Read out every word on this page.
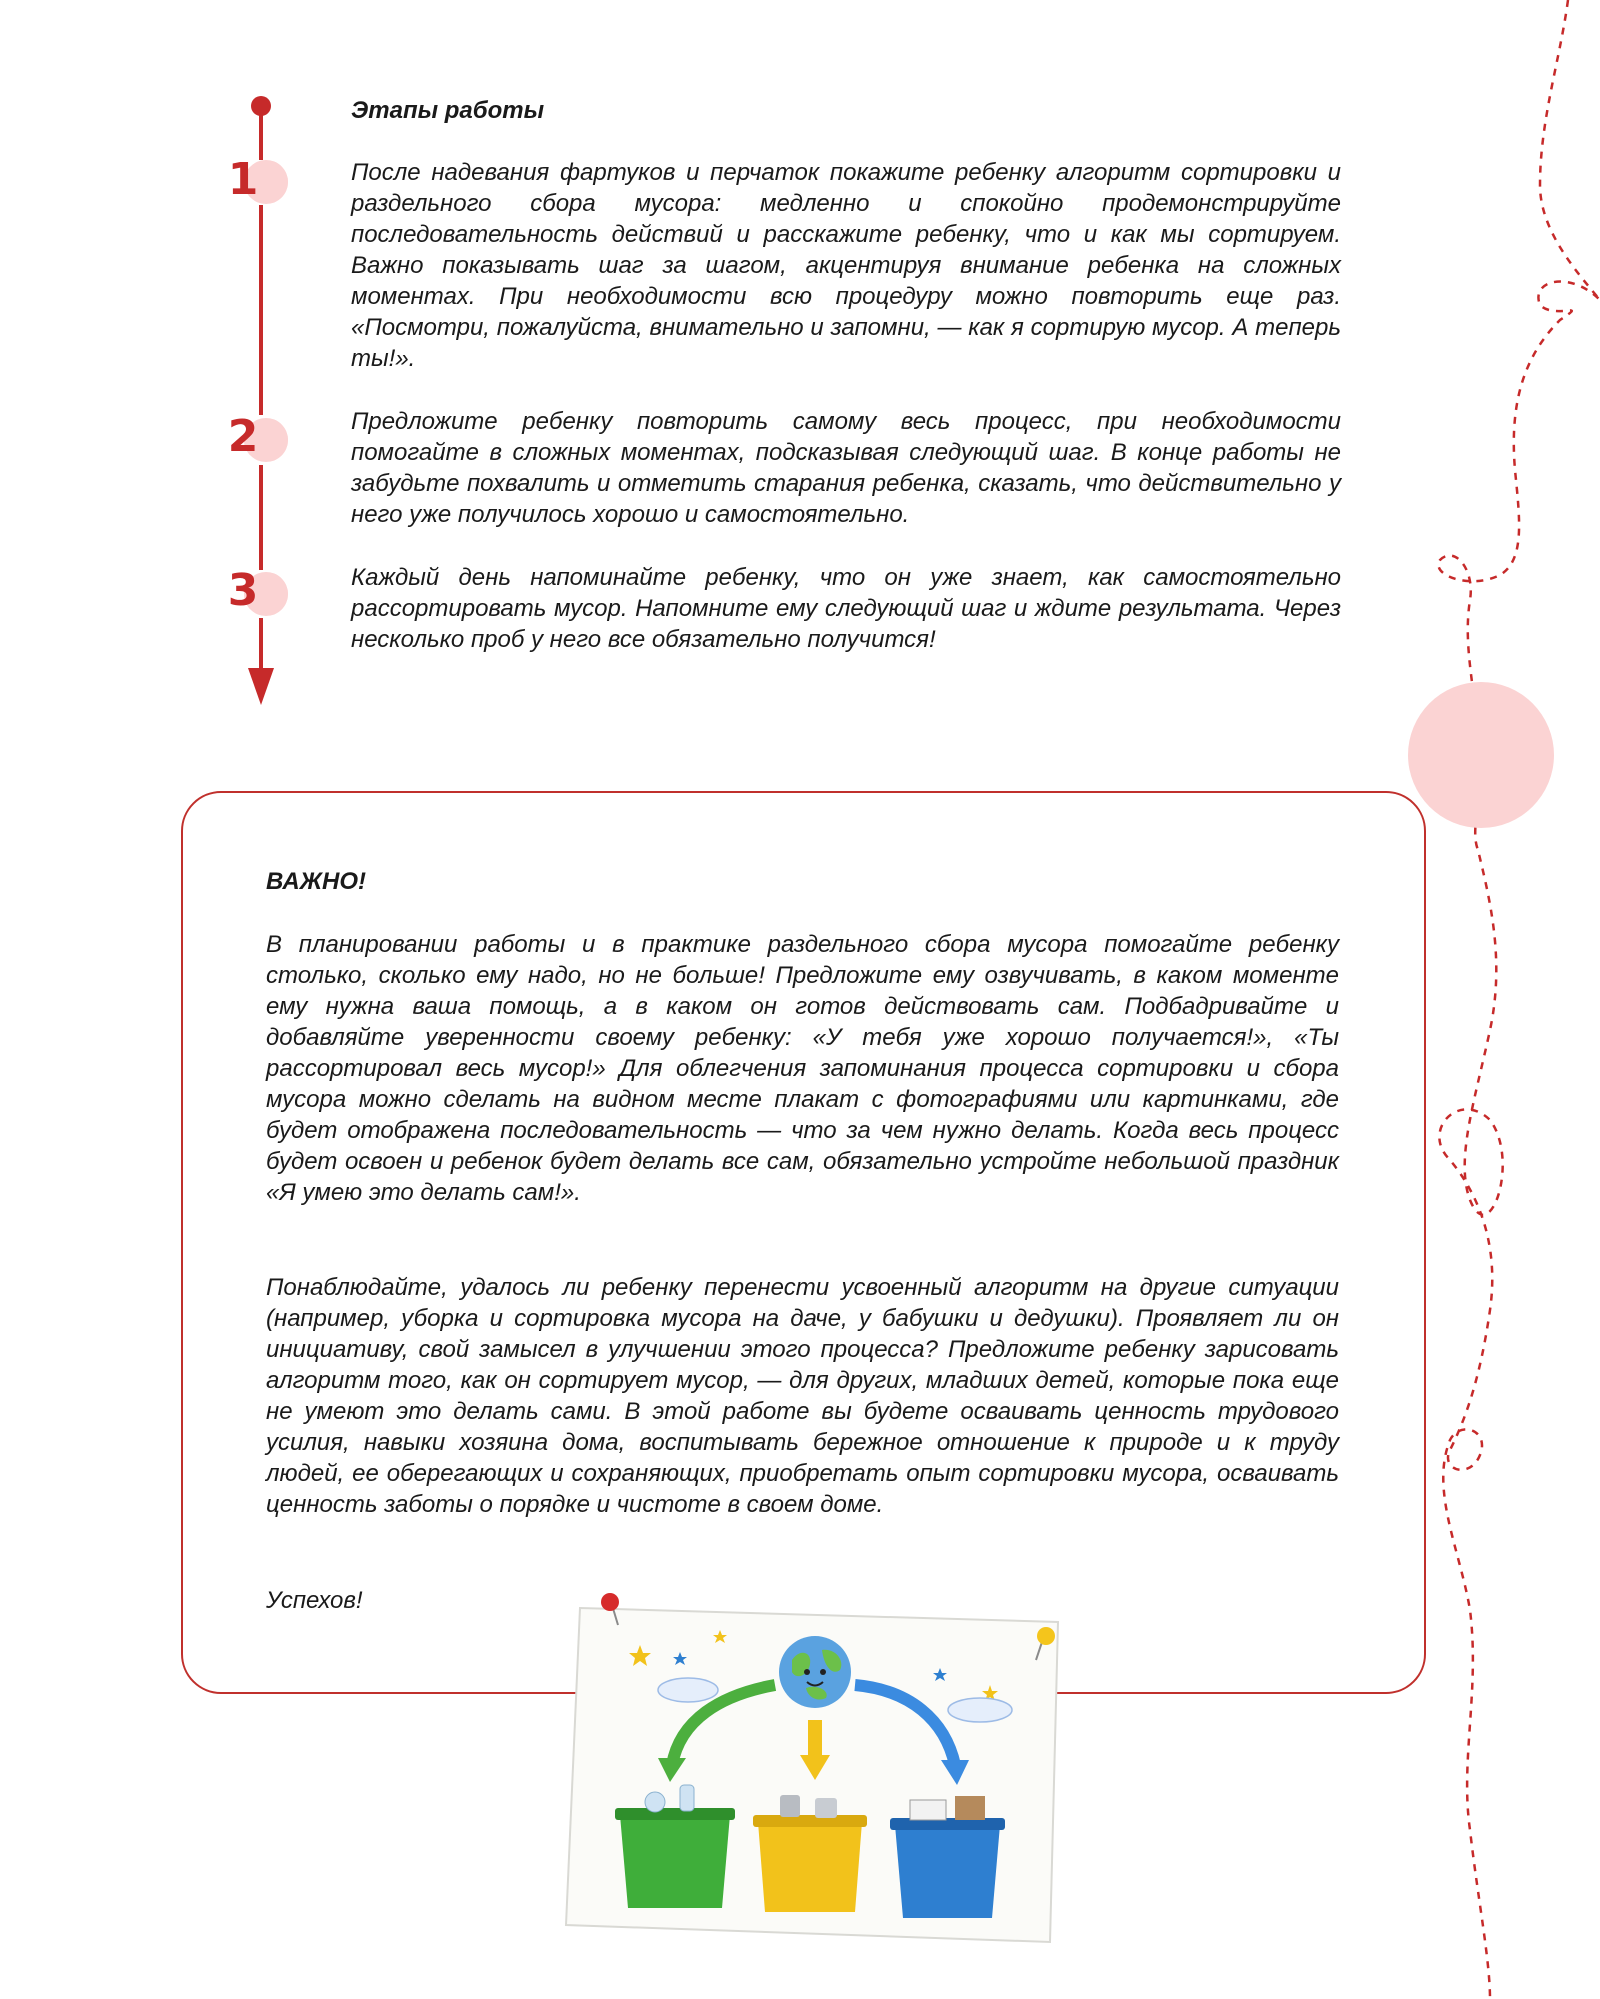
1
2
3

Этапы работы

После надевания фартуков и перчаток покажите ребенку алгоритм сортировки и раздельного сбора мусора: медленно и спокойно продемонстрируйте последовательность действий и расскажите ребенку, что и как мы сортируем. Важно показывать шаг за шагом, акцентируя внимание ребенка на сложных моментах. При необходимости всю процедуру можно повторить еще раз. «Посмотри, пожалуйста, внимательно и запомни, — как я сортирую мусор. А теперь ты!».

Предложите ребенку повторить самому весь процесс, при необходимости помогайте в сложных моментах, подсказывая следующий шаг. В конце работы не забудьте похвалить и отметить старания ребенка, сказать, что действительно у него уже получилось хорошо и самостоятельно.

Каждый день напоминайте ребенку, что он уже знает, как самостоятельно рассортировать мусор. Напомните ему следующий шаг и ждите результата. Через несколько проб у него все обязательно получится!

ВАЖНО!

В планировании работы и в практике раздельного сбора мусора помогайте ребенку столько, сколько ему надо, но не больше! Предложите ему озвучивать, в каком моменте ему нужна ваша помощь, а в каком он готов действовать сам. Подбадривайте и добавляйте уверенности своему ребенку: «У тебя уже хорошо получается!», «Ты рассортировал весь мусор!» Для облегчения запоминания процесса сортировки и сбора мусора можно сделать на видном месте плакат с фотографиями или картинками, где будет отображена последовательность — что за чем нужно делать. Когда весь процесс будет освоен и ребенок будет делать все сам, обязательно устройте небольшой праздник «Я умею это делать сам!».

Понаблюдайте, удалось ли ребенку перенести усвоенный алгоритм на другие ситуации (например, уборка и сортировка мусора на даче, у бабушки и дедушки). Проявляет ли он инициативу, свой замысел в улучшении этого процесса? Предложите ребенку зарисовать алгоритм того, как он сортирует мусор, — для других, младших детей, которые пока еще не умеют это делать сами. В этой работе вы будете осваивать ценность трудового усилия, навыки хозяина дома, воспитывать бережное отношение к природе и к труду людей, ее оберегающих и сохраняющих, приобретать опыт сортировки мусора, осваивать ценность заботы о порядке и чистоте в своем доме.

Успехов!
